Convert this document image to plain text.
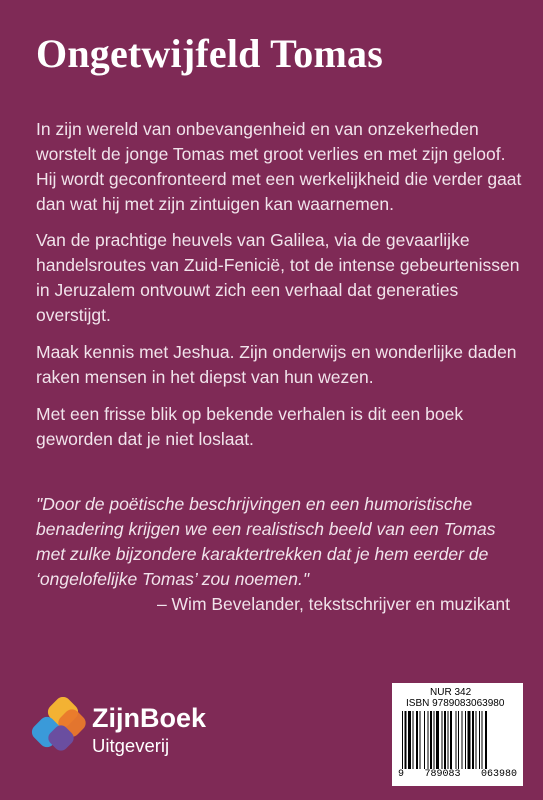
Ongetwijfeld Tomas

In zijn wereld van onbevangenheid en van onzekerheden worstelt de jonge Tomas met groot verlies en met zijn geloof. Hij wordt geconfronteerd met een werkelijkheid die verder gaat dan wat hij met zijn zintuigen kan waarnemen.

Van de prachtige heuvels van Galilea, via de gevaarlijke handelsroutes van Zuid-Fenicië, tot de intense gebeurtenissen in Jeruzalem ontvouwt zich een verhaal dat generaties overstijgt.

Maak kennis met Jeshua. Zijn onderwijs en wonderlijke daden raken mensen in het diepst van hun wezen.

Met een frisse blik op bekende verhalen is dit een boek geworden dat je niet loslaat.

"Door de poëtische beschrijvingen en een humoristische benadering krijgen we een realistisch beeld van een Tomas met zulke bijzondere karaktertrekken dat je hem eerder de ‘ongelofelijke Tomas’ zou noemen."

– Wim Bevelander, tekstschrijver en muzikant
ZijnBoek
Uitgeverij
NUR 342
ISBN 9789083063980
9 789083 063980
